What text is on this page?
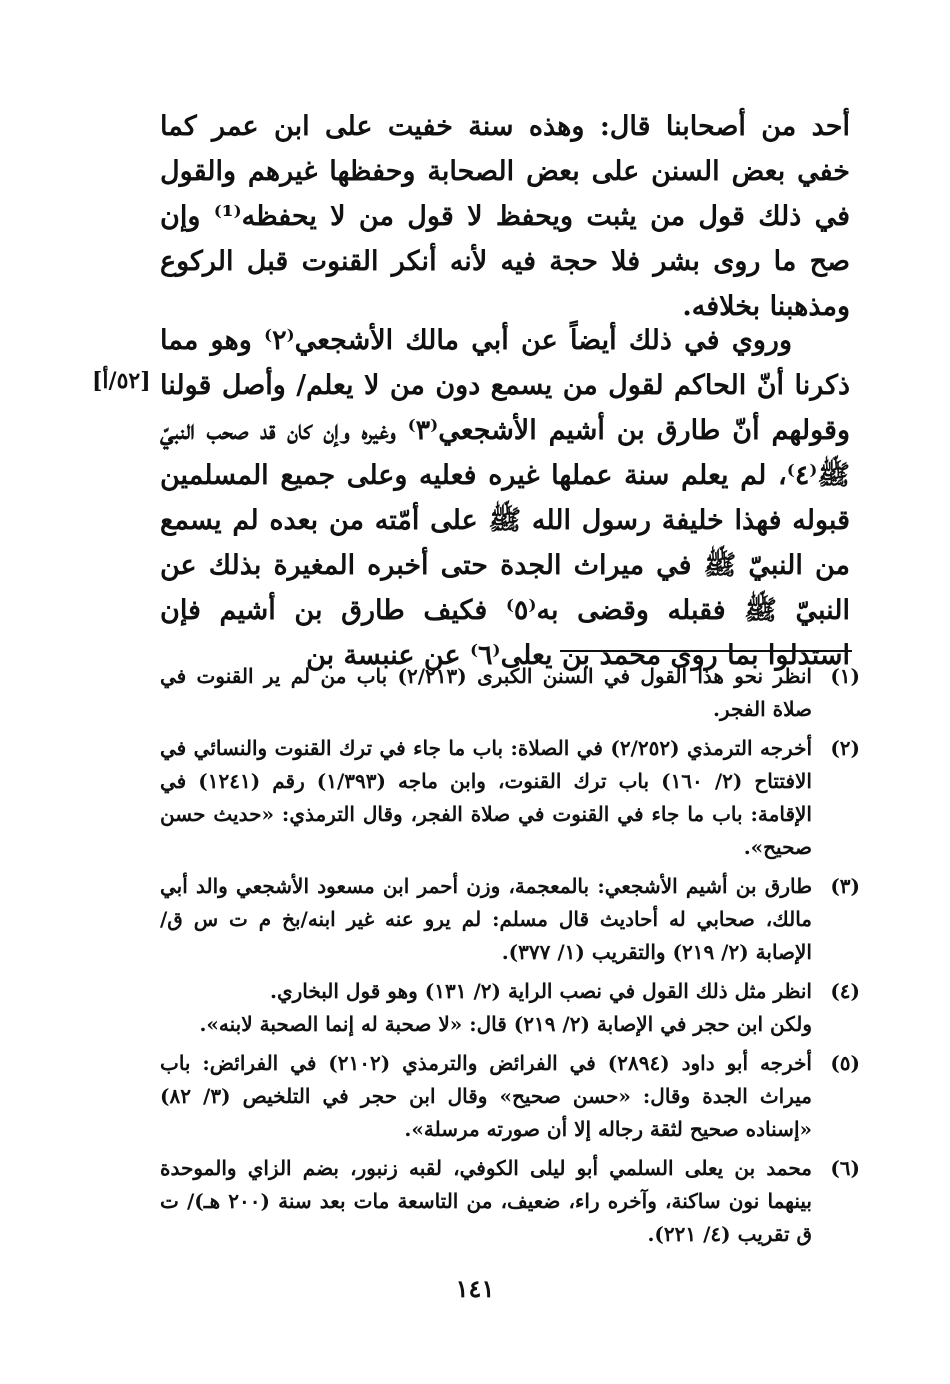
أحد من أصحابنا قال: وهذه سنة خفيت على ابن عمر كما خفي بعض السنن على بعض الصحابة وحفظها غيرهم والقول في ذلك قول من يثبت ويحفظ لا قول من لا يحفظه⁽¹⁾ وإن صح ما روى بشر فلا حجة فيه لأنه أنكر القنوت قبل الركوع ومذهبنا بخلافه.

وروي في ذلك أيضاً عن أبي مالك الأشجعي⁽٢⁾ وهو مما ذكرنا أنّ الحاكم لقول من يسمع دون من لا يعلم/ وأصل قولنا وقولهم أنّ طارق بن أشيم الأشجعي⁽٣⁾ وغيره وإن كان قد صحب النبيّ ﷺ⁽٤⁾، لم يعلم سنة عملها غيره فعليه وعلى جميع المسلمين قبوله فهذا خليفة رسول الله ﷺ على أمّته من بعده لم يسمع من النبيّ ﷺ في ميراث الجدة حتى أخبره المغيرة بذلك عن النبيّ ﷺ فقبله وقضى به⁽٥⁾ فكيف طارق بن أشيم فإن استدلوا بما روى محمد بن يعلى⁽٦⁾ عن عنبسة بن

[٥٢/أ]
(١)
انظر نحو هذا القول في السنن الكبرى (٢/٢١٣) باب من لم ير القنوت في صلاة الفجر.
(٢)
أخرجه الترمذي (٢/٢٥٢) في الصلاة: باب ما جاء في ترك القنوت والنسائي في الافتتاح (٢/ ١٦٠) باب ترك القنوت، وابن ماجه (١/٣٩٣) رقم (١٢٤١) في الإقامة: باب ما جاء في القنوت في صلاة الفجر، وقال الترمذي: «حديث حسن صحيح».
(٣)
طارق بن أشيم الأشجعي: بالمعجمة، وزن أحمر ابن مسعود الأشجعي والد أبي مالك، صحابي له أحاديث قال مسلم: لم يرو عنه غير ابنه/بخ م ت س ق/ الإصابة (٢/ ٢١٩) والتقريب (١/ ٣٧٧).
(٤)
انظر مثل ذلك القول في نصب الراية (٢/ ١٣١) وهو قول البخاري.
ولكن ابن حجر في الإصابة (٢/ ٢١٩) قال: «لا صحبة له إنما الصحبة لابنه».
(٥)
أخرجه أبو داود (٢٨٩٤) في الفرائض والترمذي (٢١٠٢) في الفرائض: باب ميراث الجدة وقال: «حسن صحيح» وقال ابن حجر في التلخيص (٣/ ٨٢) «إسناده صحيح لثقة رجاله إلا أن صورته مرسلة».
(٦)
محمد بن يعلى السلمي أبو ليلى الكوفي، لقبه زنبور، بضم الزاي والموحدة بينهما نون ساكنة، وآخره راء، ضعيف، من التاسعة مات بعد سنة (٢٠٠ هـ)/ ت ق تقريب (٤/ ٢٢١).
١٤١
